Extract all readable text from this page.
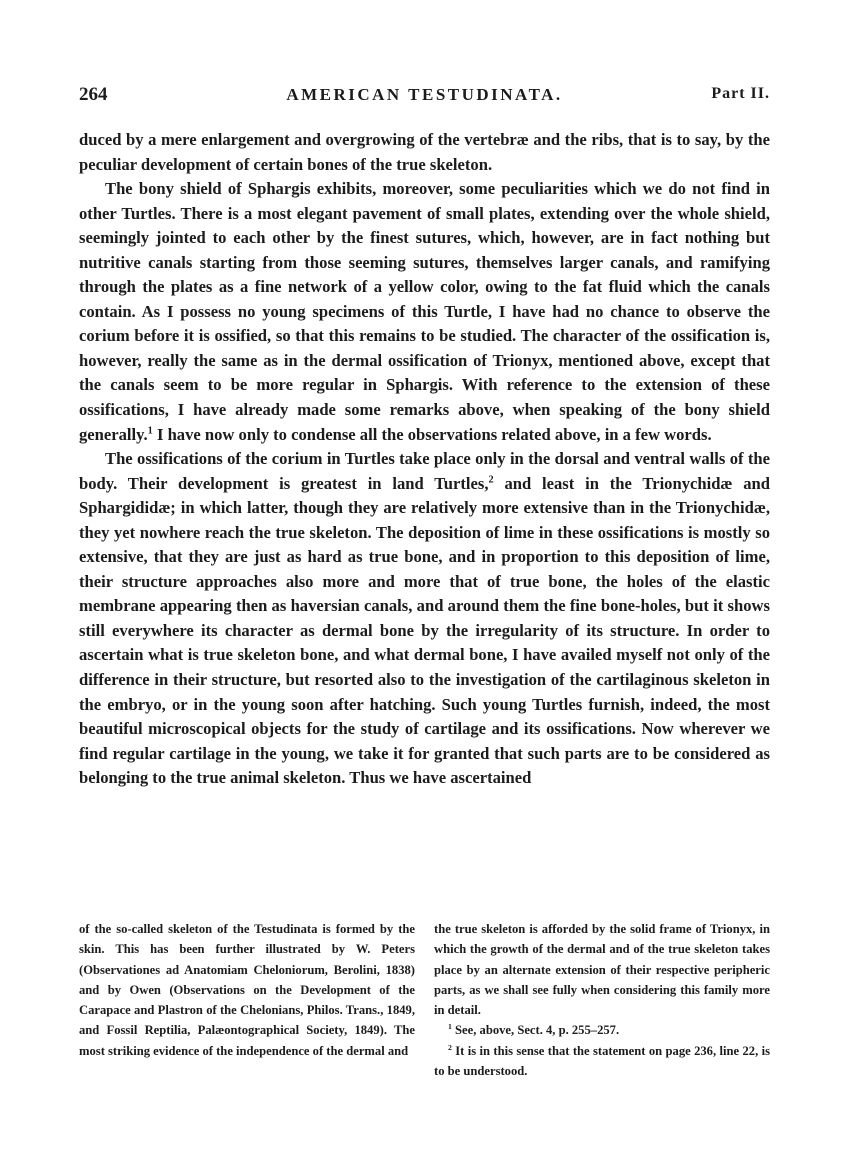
264	AMERICAN TESTUDINATA.	Part II.

duced by a mere enlargement and overgrowing of the vertebræ and the ribs, that is to say, by the peculiar development of certain bones of the true skeleton.

The bony shield of Sphargis exhibits, moreover, some peculiarities which we do not find in other Turtles. There is a most elegant pavement of small plates, extending over the whole shield, seemingly jointed to each other by the finest sutures, which, however, are in fact nothing but nutritive canals starting from those seeming sutures, themselves larger canals, and ramifying through the plates as a fine network of a yellow color, owing to the fat fluid which the canals contain. As I possess no young specimens of this Turtle, I have had no chance to observe the corium before it is ossified, so that this remains to be studied. The character of the ossification is, however, really the same as in the dermal ossification of Trionyx, mentioned above, except that the canals seem to be more regular in Sphargis. With reference to the extension of these ossifications, I have already made some remarks above, when speaking of the bony shield generally.$^1$ I have now only to condense all the observations related above, in a few words.

The ossifications of the corium in Turtles take place only in the dorsal and ventral walls of the body. Their development is greatest in land Turtles,$^2$ and least in the Trionychidæ and Sphargididæ; in which latter, though they are relatively more extensive than in the Trionychidæ, they yet nowhere reach the true skeleton. The deposition of lime in these ossifications is mostly so extensive, that they are just as hard as true bone, and in proportion to this deposition of lime, their structure approaches also more and more that of true bone, the holes of the elastic membrane appearing then as haversian canals, and around them the fine bone-holes, but it shows still everywhere its character as dermal bone by the irregularity of its structure. In order to ascertain what is true skeleton bone, and what dermal bone, I have availed myself not only of the difference in their structure, but resorted also to the investigation of the cartilaginous skeleton in the embryo, or in the young soon after hatching. Such young Turtles furnish, indeed, the most beautiful microscopical objects for the study of cartilage and its ossifications. Now wherever we find regular cartilage in the young, we take it for granted that such parts are to be considered as belonging to the true animal skeleton. Thus we have ascertained

of the so-called skeleton of the Testudinata is formed by the skin. This has been further illustrated by W. Peters (Observationes ad Anatomiam Cheloniorum, Berolini, 1838) and by Owen (Observations on the Development of the Carapace and Plastron of the Chelonians, Philos. Trans., 1849, and Fossil Reptilia, Palæontographical Society, 1849). The most striking evidence of the independence of the dermal and

the true skeleton is afforded by the solid frame of Trionyx, in which the growth of the dermal and of the true skeleton takes place by an alternate extension of their respective peripheric parts, as we shall see fully when considering this family more in detail.

$^1$ See, above, Sect. 4, p. 255–257.

$^2$ It is in this sense that the statement on page 236, line 22, is to be understood.
